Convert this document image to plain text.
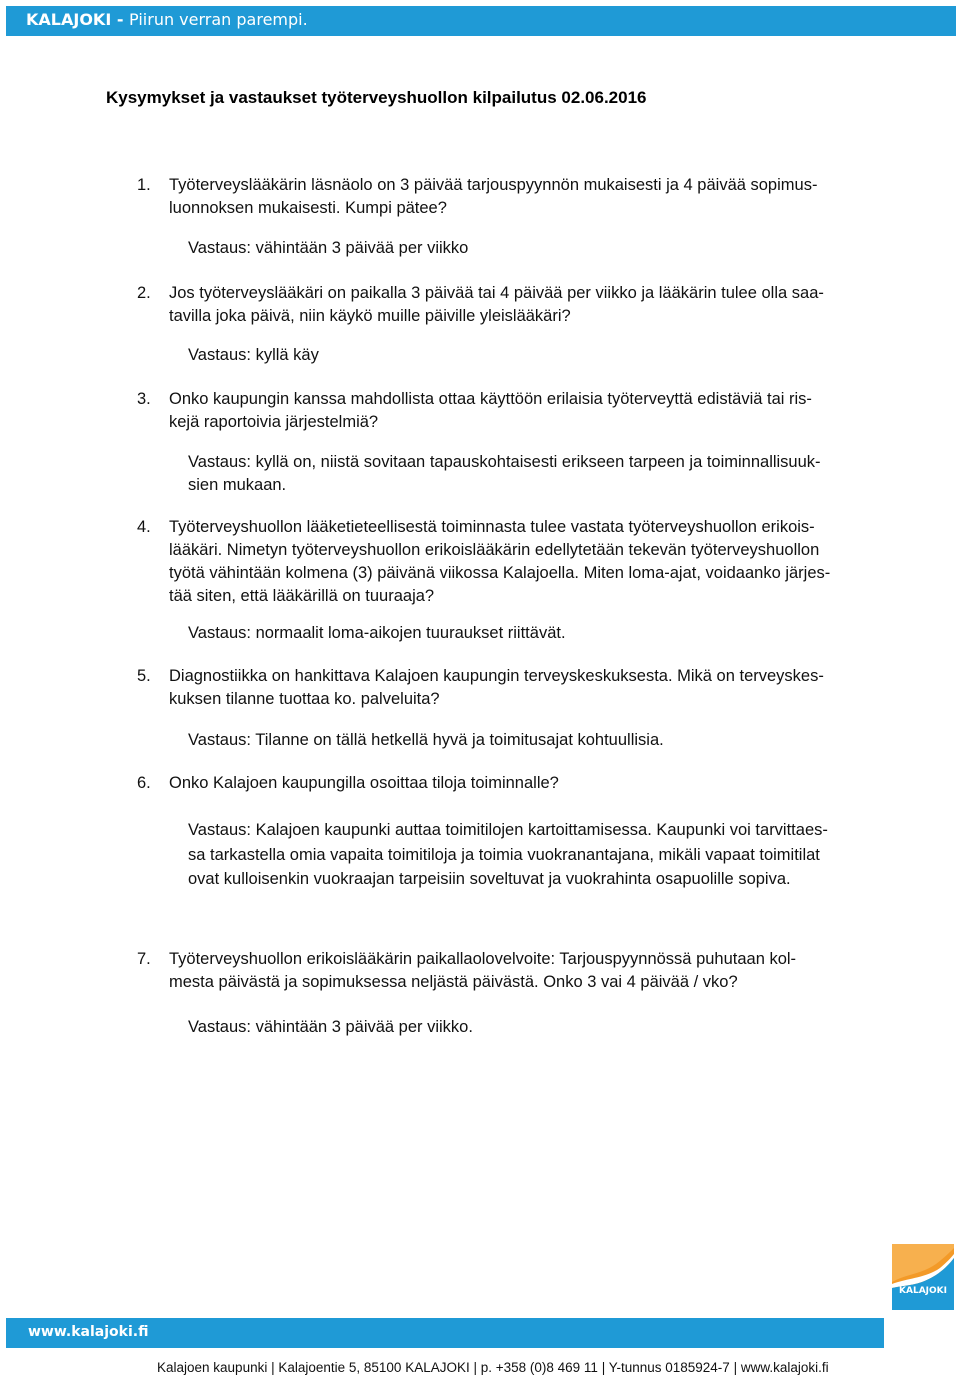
KALAJOKI - Piirun verran parempi.
Kysymykset ja vastaukset työterveyshuollon kilpailutus 02.06.2016
1. Työterveyslääkärin läsnäolo on 3 päivää tarjouspyynnön mukaisesti ja 4 päivää sopimus-
luonnoksen mukaisesti. Kumpi pätee?
Vastaus: vähintään 3 päivää per viikko
2. Jos työterveyslääkäri on paikalla 3 päivää tai 4 päivää per viikko ja lääkärin tulee olla saa-
tavilla joka päivä, niin käykö muille päiville yleislääkäri?
Vastaus: kyllä käy
3. Onko kaupungin kanssa mahdollista ottaa käyttöön erilaisia työterveyttä edistäviä tai ris-
kejä raportoivia järjestelmiä?
Vastaus: kyllä on, niistä sovitaan tapauskohtaisesti erikseen tarpeen ja toiminnallisuuk-
sien mukaan.
4. Työterveyshuollon lääketieteellisestä toiminnasta tulee vastata työterveyshuollon erikois-
lääkäri. Nimetyn työterveyshuollon erikoislääkärin edellytetään tekevän työterveyshuollon
työtä vähintään kolmena (3) päivänä viikossa Kalajoella. Miten loma-ajat, voidaanko järjes-
tää siten, että lääkärillä on tuuraaja?
Vastaus: normaalit loma-aikojen tuuraukset riittävät.
5. Diagnostiikka on hankittava Kalajoen kaupungin terveyskeskuksesta. Mikä on terveyskes-
kuksen tilanne tuottaa ko. palveluita?
Vastaus: Tilanne on tällä hetkellä hyvä ja toimitusajat kohtuullisia.
6. Onko Kalajoen kaupungilla osoittaa tiloja toiminnalle?
Vastaus: Kalajoen kaupunki auttaa toimitilojen kartoittamisessa. Kaupunki voi tarvittaes-
sa tarkastella omia vapaita toimitiloja ja toimia vuokranantajana, mikäli vapaat toimitilat
ovat kulloisenkin vuokraajan tarpeisiin soveltuvat ja vuokrahinta osapuolille sopiva.
7. Työterveyshuollon erikoislääkärin paikallaolovelvoite: Tarjouspyynnössä puhutaan kol-
mesta päivästä ja sopimuksessa neljästä päivästä. Onko 3 vai 4 päivää / vko?
Vastaus: vähintään 3 päivää per viikko.
KALAJOKI
www.kalajoki.fi
Kalajoen kaupunki | Kalajoentie 5, 85100 KALAJOKI | p. +358 (0)8 469 11 | Y-tunnus 0185924-7 | www.kalajoki.fi
